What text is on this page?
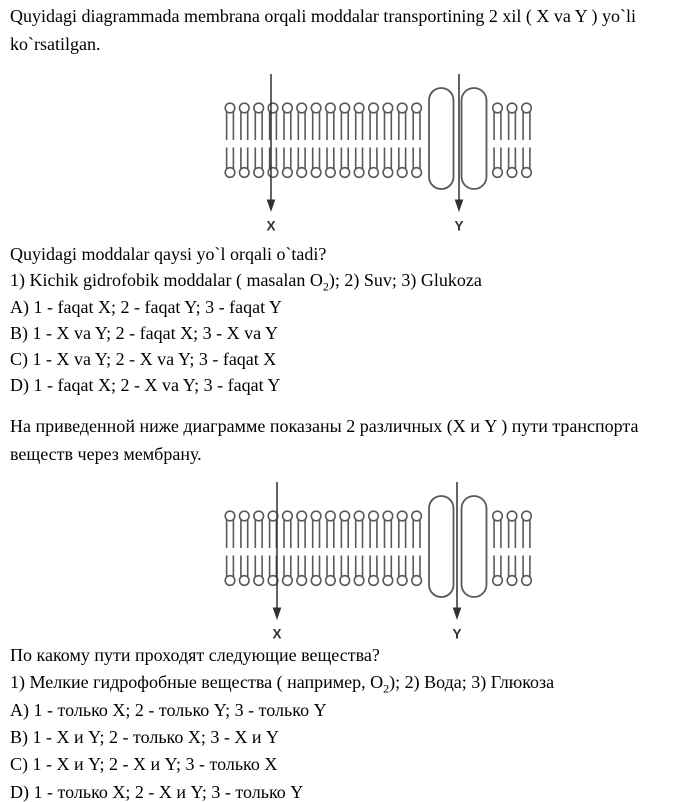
Quyidagi diagrammada membrana orqali moddalar transportining 2 xil ( X va Y ) yo`li
ko`rsatilgan.
X	Y
Quyidagi moddalar qaysi yo`l orqali o`tadi?
1) Kichik gidrofobik moddalar ( masalan $O_2$); 2) Suv; 3) Glukoza
A) 1 - faqat X; 2 - faqat Y; 3 - faqat Y
B) 1 - X va Y; 2 - faqat X; 3 - X va Y
C) 1 - X va Y; 2 - X va Y; 3 - faqat X
D) 1 - faqat X; 2 - X va Y; 3 - faqat Y
На приведенной ниже диаграмме показаны 2 различных (X и Y ) пути транспорта
веществ через мембрану.
X	Y
По какому пути проходят следующие вещества?
1) Мелкие гидрофобные вещества ( например, $O_2$); 2) Вода; 3) Глюкоза
A) 1 - только X; 2 - только Y; 3 - только Y
B) 1 - X и Y; 2 - только X; 3 - X и Y
C) 1 - X и Y; 2 - X и Y; 3 - только X
D) 1 - только X; 2 - X и Y; 3 - только Y
